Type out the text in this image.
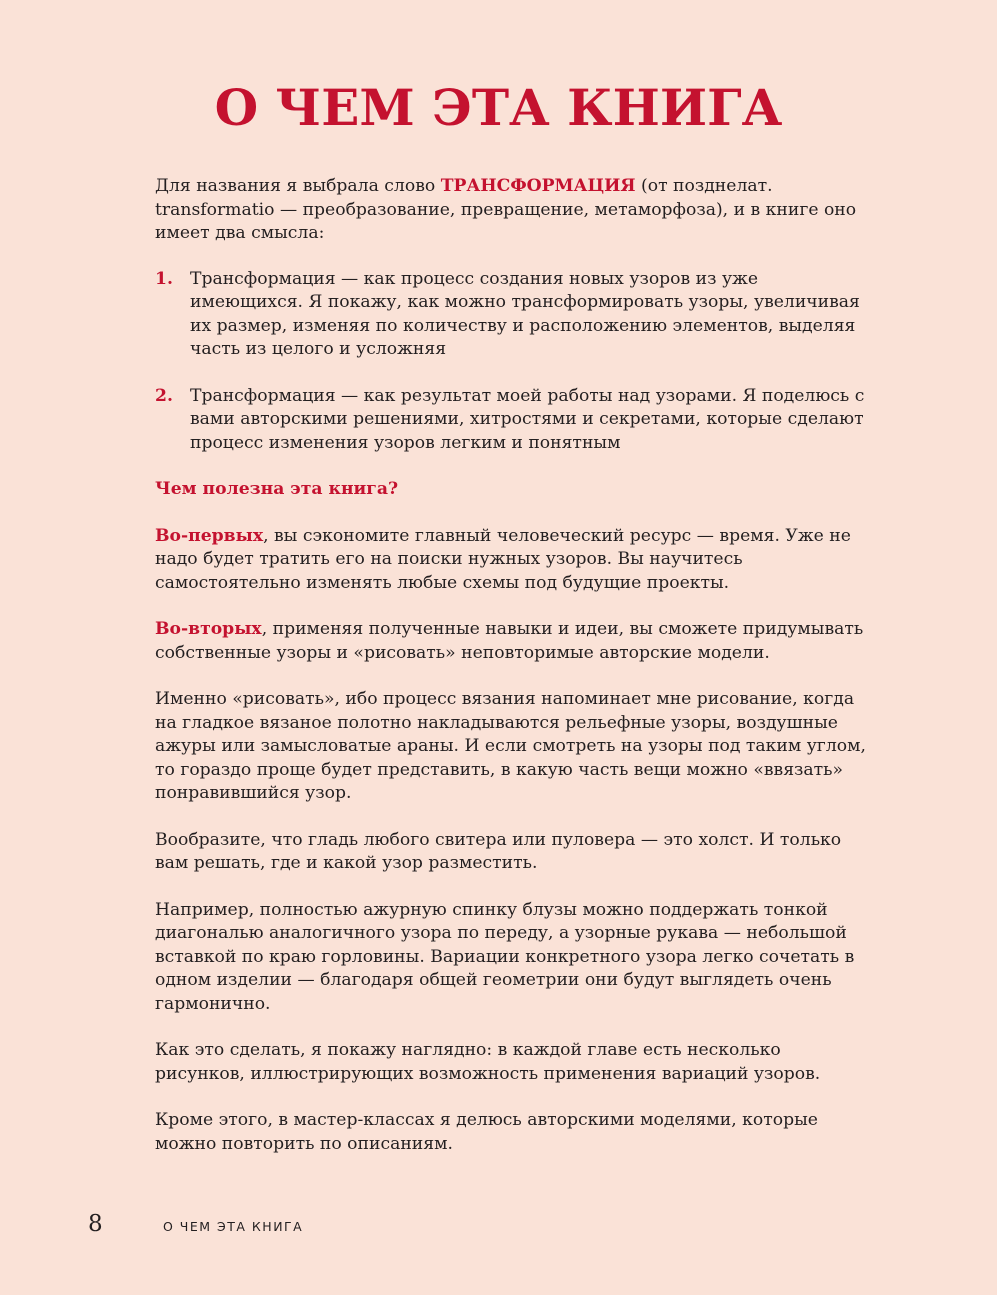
О ЧЕМ ЭТА КНИГА

Для названия я выбрала слово ТРАНСФОРМАЦИЯ (от позднелат. transformatio — преобразование, превращение, метаморфоза), и в книге оно имеет два смысла:

1. Трансформация — как процесс создания новых узоров из уже имеющихся. Я покажу, как можно трансформировать узоры, увеличивая их размер, изменяя по количеству и расположению элементов, выделяя часть из целого и усложняя
2. Трансформация — как результат моей работы над узорами. Я поделюсь с вами авторскими решениями, хитростями и секретами, которые сделают процесс изменения узоров легким и понятным

Чем полезна эта книга?

Во-первых, вы сэкономите главный человеческий ресурс — время. Уже не надо будет тратить его на поиски нужных узоров. Вы научитесь самостоятельно изменять любые схемы под будущие проекты.

Во-вторых, применяя полученные навыки и идеи, вы сможете придумывать собственные узоры и «рисовать» неповторимые авторские модели.

Именно «рисовать», ибо процесс вязания напоминает мне рисование, когда на гладкое вязаное полотно накладываются рельефные узоры, воздушные ажуры или замысловатые араны. И если смотреть на узоры под таким углом, то гораздо проще будет представить, в какую часть вещи можно «ввязать» понравившийся узор.

Вообразите, что гладь любого свитера или пуловера — это холст. И только вам решать, где и какой узор разместить.

Например, полностью ажурную спинку блузы можно поддержать тонкой диагональю аналогичного узора по переду, а узорные рукава — небольшой вставкой по краю горловины. Вариации конкретного узора легко сочетать в одном изделии — благодаря общей геометрии они будут выглядеть очень гармонично.

Как это сделать, я покажу наглядно: в каждой главе есть несколько рисунков, иллюстрирующих возможность применения вариаций узоров.

Кроме этого, в мастер-классах я делюсь авторскими моделями, которые можно повторить по описаниям.

8	О ЧЕМ ЭТА КНИГА
